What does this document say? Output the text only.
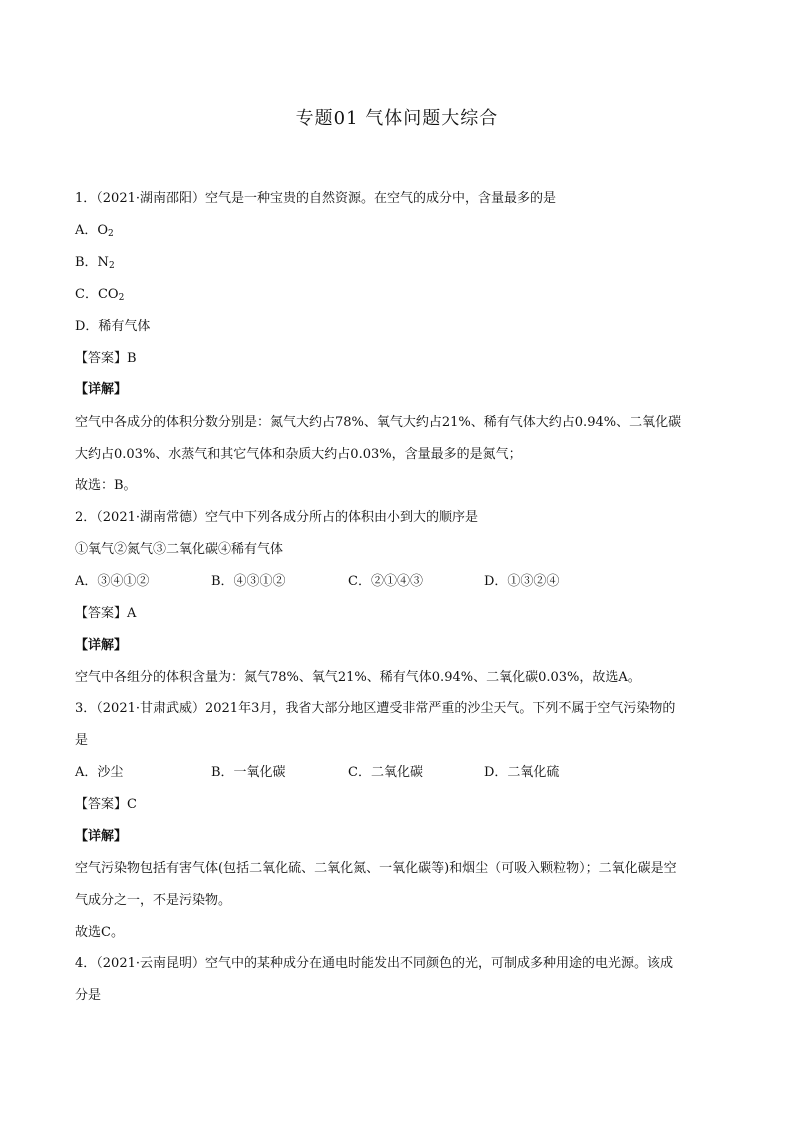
专题01 气体问题大综合
1．（2021·湖南邵阳）空气是一种宝贵的自然资源。在空气的成分中，含量最多的是
A．$O_2$
B．$N_2$
C．$CO_2$
D．稀有气体
【答案】B
【详解】
空气中各成分的体积分数分别是：氮气大约占78%、氧气大约占21%、稀有气体大约占0.94%、二氧化碳
大约占0.03%、水蒸气和其它气体和杂质大约占0.03%，含量最多的是氮气；
故选：B。
2．（2021·湖南常德）空气中下列各成分所占的体积由小到大的顺序是
①氧气②氮气③二氧化碳④稀有气体
A．③④①②	B．④③①②	C．②①④③	D．①③②④
【答案】A
【详解】
空气中各组分的体积含量为：氮气78%、氧气21%、稀有气体0.94%、二氧化碳0.03%，故选A。
3．（2021·甘肃武威）2021年3月，我省大部分地区遭受非常严重的沙尘天气。下列不属于空气污染物的
是
A．沙尘	B．一氧化碳	C．二氧化碳	D．二氧化硫
【答案】C
【详解】
空气污染物包括有害气体(包括二氧化硫、二氧化氮、一氧化碳等)和烟尘（可吸入颗粒物）；二氧化碳是空
气成分之一，不是污染物。
故选C。
4．（2021·云南昆明）空气中的某种成分在通电时能发出不同颜色的光，可制成多种用途的电光源。该成
分是
